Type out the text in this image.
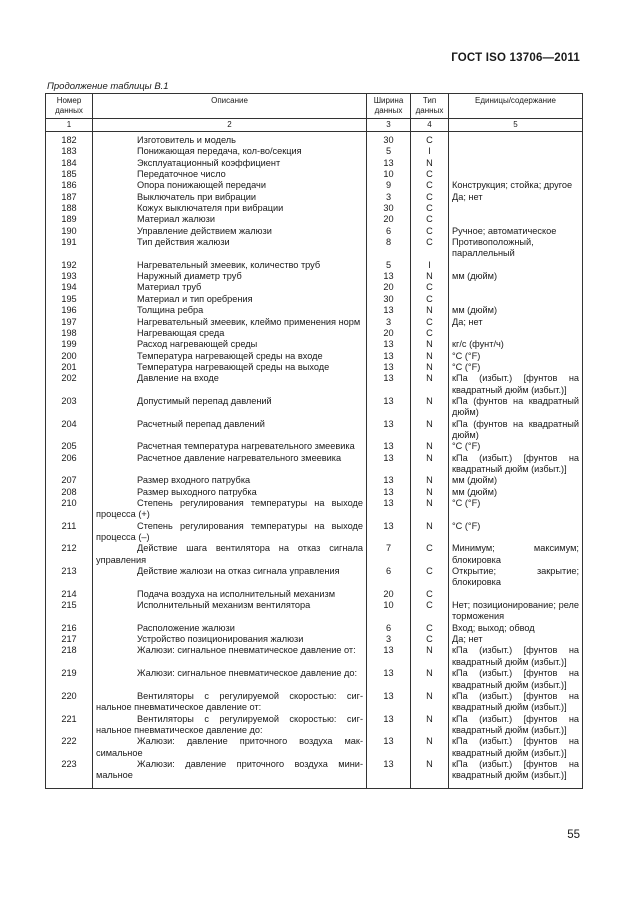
ГОСТ ISO 13706—2011
Продолжение таблицы В.1
Номер данных	Описание	Ширина данных	Тип данных	Единицы/содержание
1	2	3	4	5
182	Изготовитель и модель	30	C	
183	Понижающая передача, кол-во/секция	5	I	
184	Эксплуатационный коэффициент	13	N	
185	Передаточное число	10	C	
186	Опора понижающей передачи	9	C	Конструкция; стойка; другое
187	Выключатель при вибрации	3	C	Да; нет
188	Кожух выключателя при вибрации	30	C	
189	Материал жалюзи	20	C	
190	Управление действием жалюзи	6	C	Ручное; автоматическое
191	Тип действия жалюзи	8	C	Противоположный, параллельный
192	Нагревательный змеевик, количество труб	5	I	
193	Наружный диаметр труб	13	N	мм (дюйм)
194	Материал труб	20	C	
195	Материал и тип оребрения	30	C	
196	Толщина ребра	13	N	мм (дюйм)
197	Нагревательный змеевик, клеймо применения норм	3	C	Да; нет
198	Нагревающая среда	20	C	
199	Расход нагревающей среды	13	N	кг/с (фунт/ч)
200	Температура нагревающей среды на входе	13	N	°С (°F)
201	Температура нагревающей среды на выходе	13	N	°С (°F)
202	Давление на входе	13	N	кПа (избыт.) [фунтов на квадратный дюйм (избыт.)]
203	Допустимый перепад давлений	13	N	кПа (фунтов на квадратный дюйм)
204	Расчетный перепад давлений	13	N	кПа (фунтов на квадратный дюйм)
205	Расчетная температура нагревательного змеевика	13	N	°С (°F)
206	Расчетное давление нагревательного змеевика	13	N	кПа (избыт.) [фунтов на квадратный дюйм (избыт.)]
207	Размер входного патрубка	13	N	мм (дюйм)
208	Размер выходного патрубка	13	N	мм (дюйм)
210	Степень регулирования температуры на выходе процесса (+)	13	N	°С (°F)
211	Степень регулирования температуры на выходе процесса (–)	13	N	°С (°F)
212	Действие шага вентилятора на отказ сигнала управления	7	C	Минимум; максимум; блокировка
213	Действие жалюзи на отказ сигнала управления	6	C	Открытие; закрытие; блокировка
214	Подача воздуха на исполнительный механизм	20	C	
215	Исполнительный механизм вентилятора	10	C	Нет; позиционирование; реле торможения
216	Расположение жалюзи	6	C	Вход; выход; обвод
217	Устройство позиционирования жалюзи	3	C	Да; нет
218	Жалюзи: сигнальное пневматическое давление от:	13	N	кПа (избыт.) [фунтов на квадратный дюйм (избыт.)]
219	Жалюзи: сигнальное пневматическое давление до:	13	N	кПа (избыт.) [фунтов на квадратный дюйм (избыт.)]
220	Вентиляторы с регулируемой скоростью: сигнальное пневматическое давление от:	13	N	кПа (избыт.) [фунтов на квадратный дюйм (избыт.)]
221	Вентиляторы с регулируемой скоростью: сигнальное пневматическое давление до:	13	N	кПа (избыт.) [фунтов на квадратный дюйм (избыт.)]
222	Жалюзи: давление приточного воздуха максимальное	13	N	кПа (избыт.) [фунтов на квадратный дюйм (избыт.)]
223	Жалюзи: давление приточного воздуха минимальное	13	N	кПа (избыт.) [фунтов на квадратный дюйм (избыт.)]
55
